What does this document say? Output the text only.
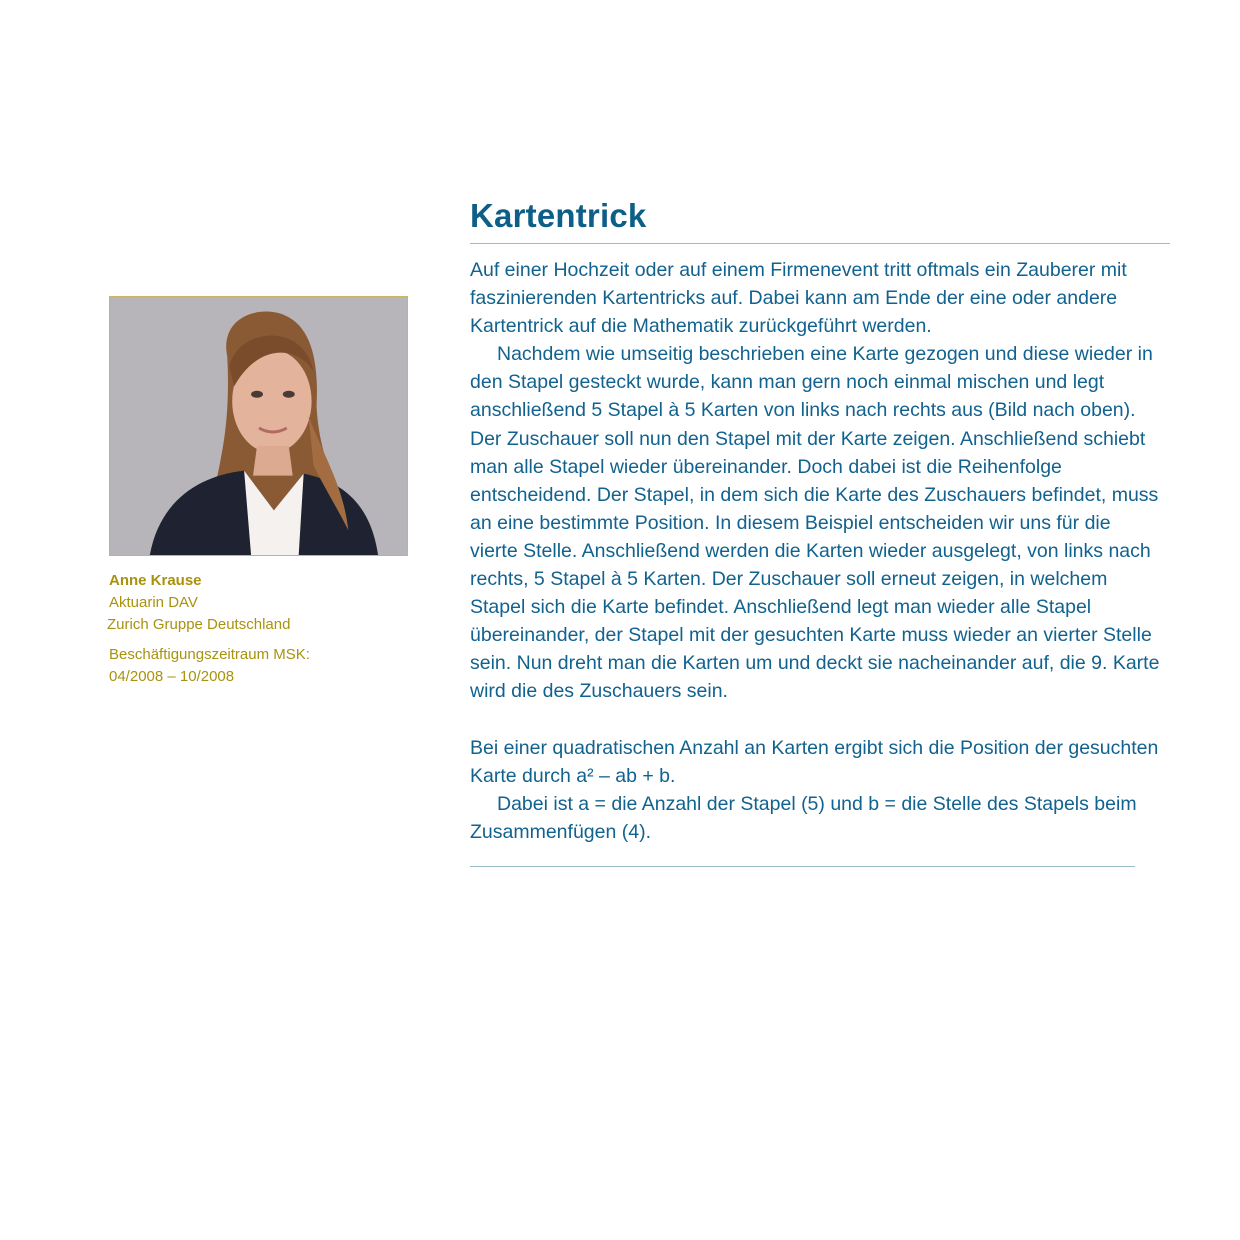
Anne Krause
Aktuarin DAV
Zurich Gruppe Deutschland
Beschäftigungszeitraum MSK:
04/2008 – 10/2008
Kartentrick

Auf einer Hochzeit oder auf einem Firmenevent tritt oftmals ein Zauberer mit faszinierenden Kartentricks auf. Dabei kann am Ende der eine oder andere Kartentrick auf die Mathematik zurückgeführt werden.

Nachdem wie umseitig beschrieben eine Karte gezogen und diese wieder in den Stapel gesteckt wurde, kann man gern noch einmal mischen und legt anschließend 5 Stapel à 5 Karten von links nach rechts aus (Bild nach oben). Der Zuschauer soll nun den Stapel mit der Karte zeigen. Anschließend schiebt man alle Stapel wieder übereinander. Doch dabei ist die Reihenfolge entscheidend. Der Stapel, in dem sich die Karte des Zuschauers befindet, muss an eine bestimmte Position. In diesem Beispiel entscheiden wir uns für die vierte Stelle. Anschließend werden die Karten wieder ausgelegt, von links nach rechts, 5 Stapel à 5 Karten. Der Zuschauer soll erneut zeigen, in welchem Stapel sich die Karte befindet. Anschließend legt man wieder alle Stapel übereinander, der Stapel mit der gesuchten Karte muss wieder an vierter Stelle sein. Nun dreht man die Karten um und deckt sie nacheinander auf, die 9. Karte wird die des Zuschauers sein.

Bei einer quadratischen Anzahl an Karten ergibt sich die Position der gesuchten Karte durch a² – ab + b.

Dabei ist a = die Anzahl der Stapel (5) und b = die Stelle des Stapels beim Zusammenfügen (4).
